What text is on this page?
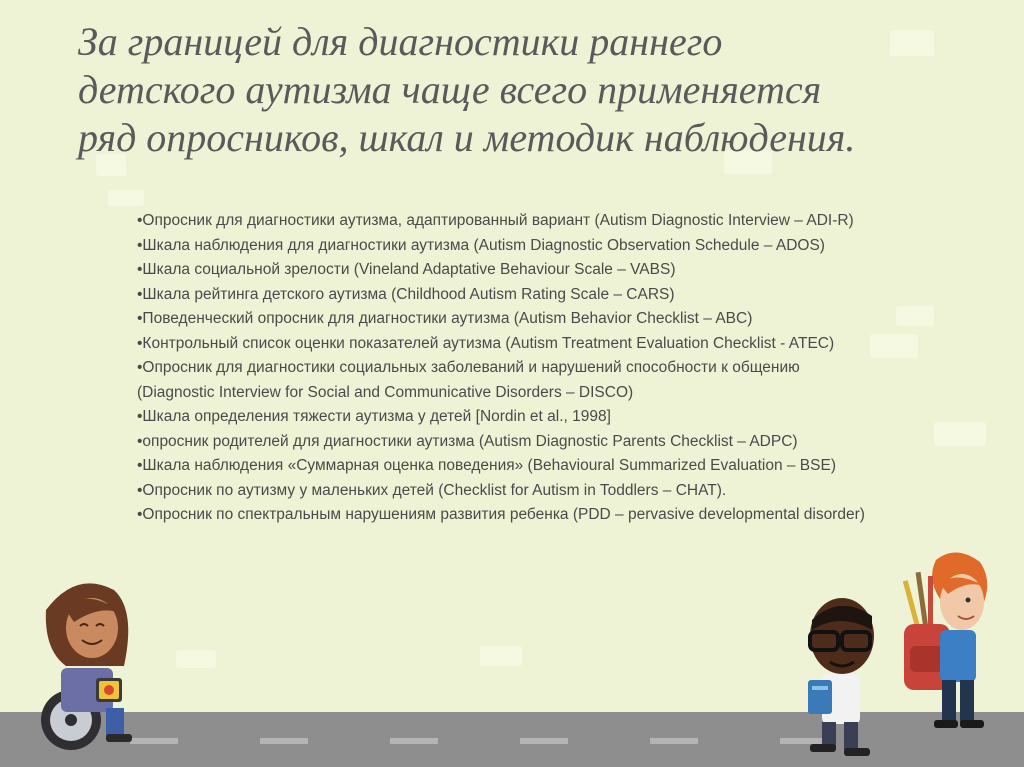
За границей для диагностики раннего
детского аутизма чаще всего применяется
ряд опросников, шкал и методик наблюдения.
•Опросник для диагностики аутизма, адаптированный вариант (Autism Diagnostic Interview – ADI-R)
•Шкала наблюдения для диагностики аутизма (Autism Diagnostic Observation Schedule – ADOS)
•Шкала социальной зрелости (Vineland Adaptative Behaviour Scale – VABS)
•Шкала рейтинга детского аутизма (Childhood Autism Rating Scale – CARS)
•Поведенческий опросник для диагностики аутизма (Autism Behavior Checklist – ABC)
•Контрольный список оценки показателей аутизма (Autism Treatment Evaluation Checklist - ATEC)
•Опросник для диагностики социальных заболеваний и нарушений способности к общению (Diagnostic Interview for Social and Communicative Disorders – DISCO)
•Шкала определения тяжести аутизма у детей [Nordin et al., 1998]
•опросник родителей для диагностики аутизма (Autism Diagnostic Parents Checklist – ADPC)
•Шкала наблюдения «Суммарная оценка поведения» (Behavioural Summarized Evaluation – BSE)
•Опросник по аутизму у маленьких детей (Checklist for Autism in Toddlers – CHAT).
•Опросник по спектральным нарушениям развития ребенка (PDD – pervasive developmental disorder)
